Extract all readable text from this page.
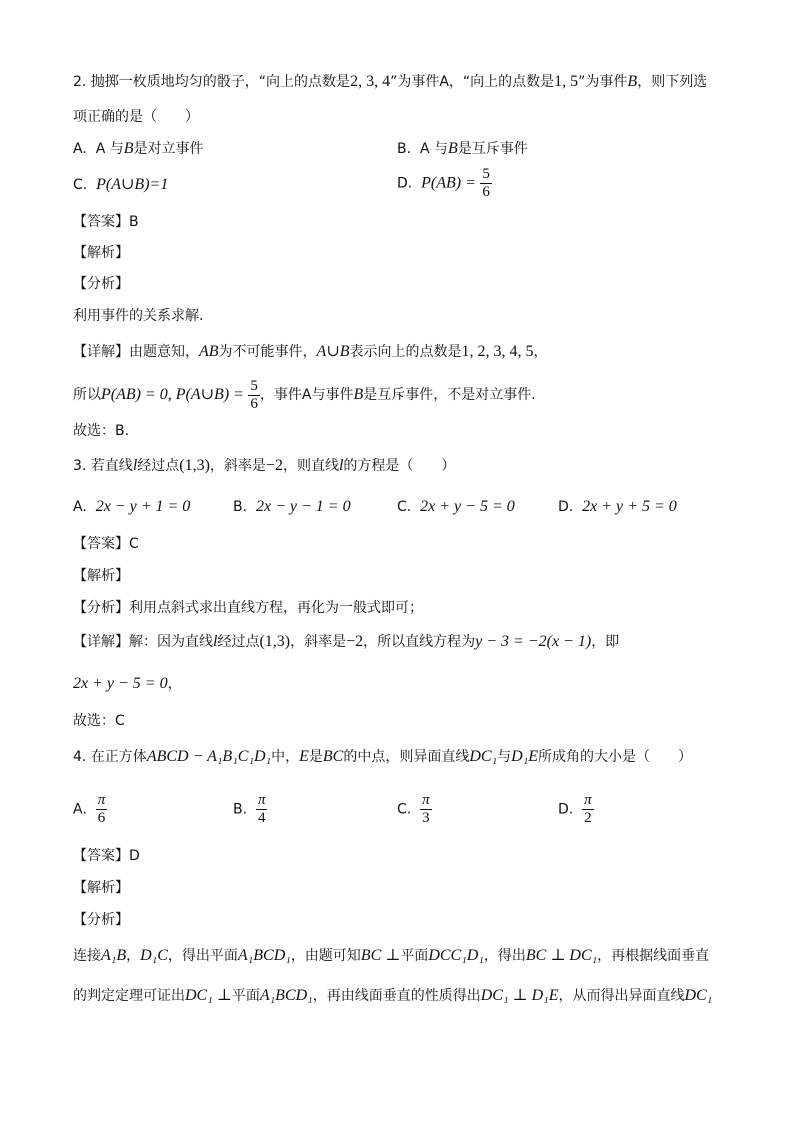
2. 抛掷一枚质地均匀的骰子，“向上的点数是2, 3, 4”为事件A，“向上的点数是1, 5”为事件B，则下列选
项正确的是（　　）
A. A 与B是对立事件	B. A 与B是互斥事件
C. P(A∪B)=1	D. $P(AB) = \frac{5}{6}$
【答案】B
【解析】
【分析】
利用事件的关系求解.
【详解】由题意知，AB为不可能事件，A∪B表示向上的点数是1, 2, 3, 4, 5，
所以P(AB) = 0, P(A∪B) = $\frac{5}{6}$ ，事件A与事件B是互斥事件，不是对立事件.
故选：B.
3. 若直线l经过点(1,3)，斜率是−2，则直线l的方程是（　　）
A. 2x − y + 1 = 0	B. 2x − y − 1 = 0	C. 2x + y − 5 = 0	D. 2x + y + 5 = 0
【答案】C
【解析】
【分析】利用点斜式求出直线方程，再化为一般式即可；
【详解】解：因为直线l经过点(1,3)，斜率是−2，所以直线方程为y − 3 = −2(x − 1)，即
2x + y − 5 = 0，
故选：C
4. 在正方体ABCD − A₁B₁C₁D₁中，E是BC的中点，则异面直线DC₁与D₁E所成角的大小是（　　）
A. $\frac{\pi}{6}$	B. $\frac{\pi}{4}$	C. $\frac{\pi}{3}$	D. $\frac{\pi}{2}$
【答案】D
【解析】
【分析】
连接A₁B，D₁C，得出平面A₁BCD₁，由题可知BC ⊥平面DCC₁D₁，得出BC ⊥ DC₁，再根据线面垂直
的判定定理可证出DC₁ ⊥平面A₁BCD₁，再由线面垂直的性质得出DC₁ ⊥ D₁E，从而得出异面直线DC₁
